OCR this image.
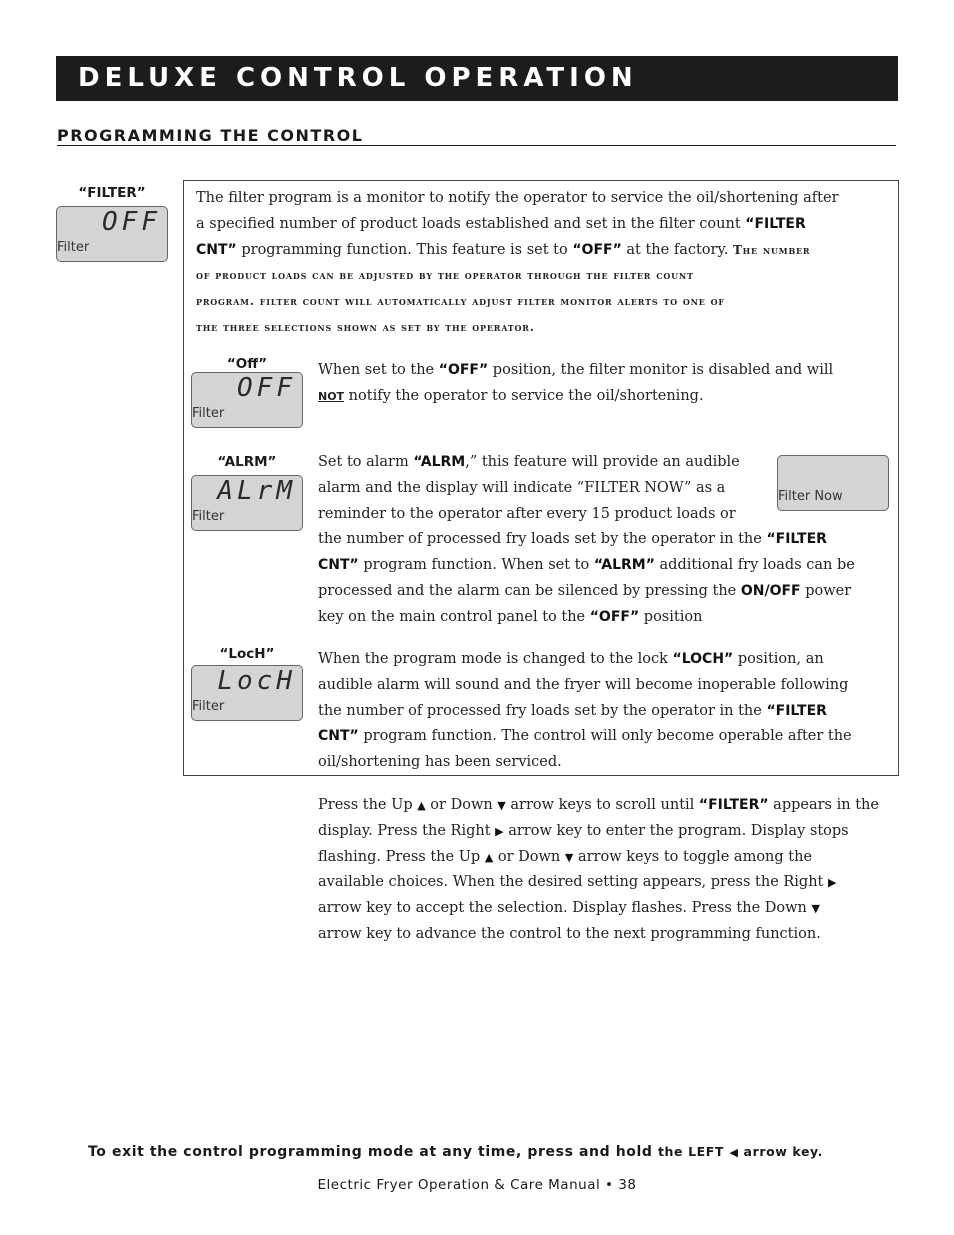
DELUXE CONTROL OPERATION
PROGRAMMING THE CONTROL
“FILTER”
OFF
Filter
The filter program is a monitor to notify the operator to service the oil/shortening after
a specified number of product loads established and set in the filter count “FILTER
CNT” programming function. This feature is set to “OFF” at the factory. The number
of product loads can be adjusted by the operator through the filter count
program. filter count will automatically adjust filter monitor alerts to one of
the three selections shown as set by the operator.
“Off”
OFF
Filter
When set to the “OFF” position, the filter monitor is disabled and will
NOT notify the operator to service the oil/shortening.
“ALRM”
ALrM
Filter
Filter Now
Set to alarm “ALRM,” this feature will provide an audible
alarm and the display will indicate “FILTER NOW” as a
reminder to the operator after every 15 product loads or
the number of processed fry loads set by the operator in the “FILTER
CNT” program function. When set to “ALRM” additional fry loads can be
processed and the alarm can be silenced by pressing the ON/OFF power
key on the main control panel to the “OFF” position
“LocH”
LocH
Filter
When the program mode is changed to the lock “LOCH” position, an
audible alarm will sound and the fryer will become inoperable following
the number of processed fry loads set by the operator in the “FILTER
CNT” program function. The control will only become operable after the
oil/shortening has been serviced.
Press the Up ▲ or Down ▼ arrow keys to scroll until “FILTER” appears in the
display. Press the Right ▶ arrow key to enter the program. Display stops
flashing. Press the Up ▲ or Down ▼ arrow keys to toggle among the
available choices. When the desired setting appears, press the Right ▶
arrow key to accept the selection. Display flashes. Press the Down ▼
arrow key to advance the control to the next programming function.
To exit the control programming mode at any time, press and hold the LEFT ◀ arrow key.
Electric Fryer Operation & Care Manual • 38
